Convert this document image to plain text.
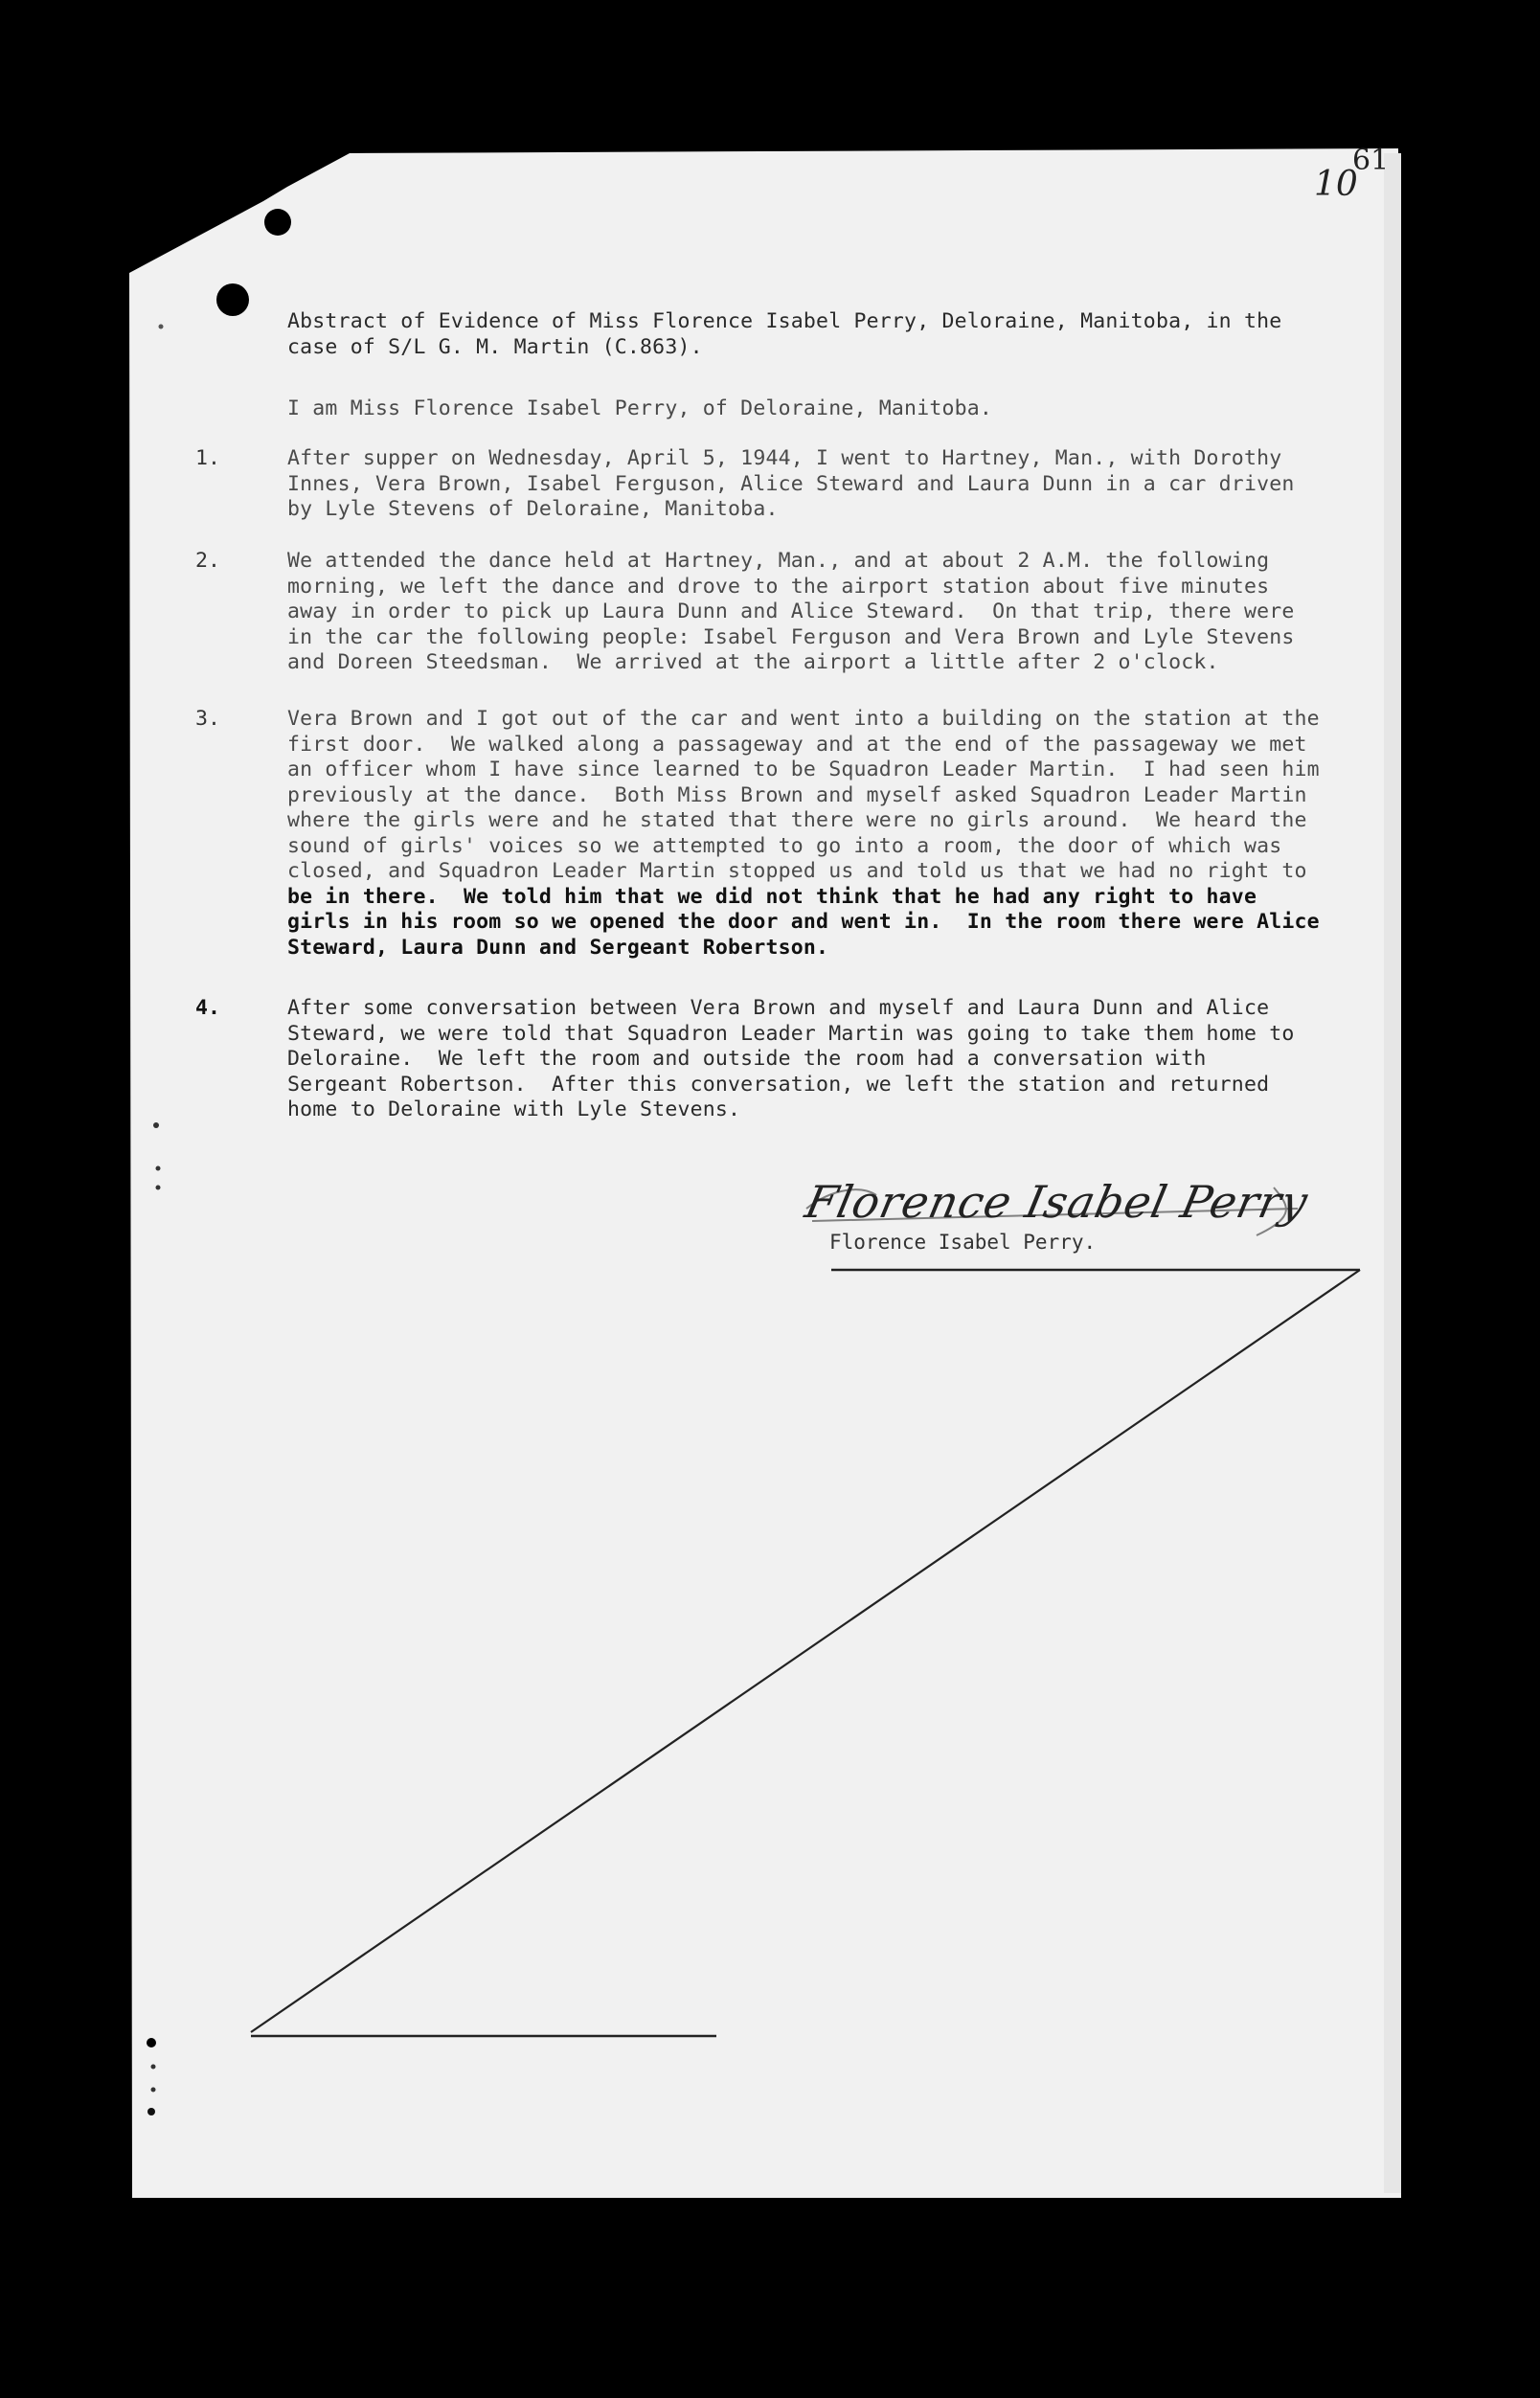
10
61
Abstract of Evidence of Miss Florence Isabel Perry, Deloraine, Manitoba, in the
case of S/L G. M. Martin (C.863).
I am Miss Florence Isabel Perry, of Deloraine, Manitoba.
1.	After supper on Wednesday, April 5, 1944, I went to Hartney, Man., with Dorothy
Innes, Vera Brown, Isabel Ferguson, Alice Steward and Laura Dunn in a car driven
by Lyle Stevens of Deloraine, Manitoba.
2.	We attended the dance held at Hartney, Man., and at about 2 A.M. the following
morning, we left the dance and drove to the airport station about five minutes
away in order to pick up Laura Dunn and Alice Steward.  On that trip, there were
in the car the following people: Isabel Ferguson and Vera Brown and Lyle Stevens
and Doreen Steedsman.  We arrived at the airport a little after 2 o'clock.
3.	Vera Brown and I got out of the car and went into a building on the station at the
first door.  We walked along a passageway and at the end of the passageway we met
an officer whom I have since learned to be Squadron Leader Martin.  I had seen him
previously at the dance.  Both Miss Brown and myself asked Squadron Leader Martin
where the girls were and he stated that there were no girls around.  We heard the
sound of girls' voices so we attempted to go into a room, the door of which was
closed, and Squadron Leader Martin stopped us and told us that we had no right to
be in there.  We told him that we did not think that he had any right to have
girls in his room so we opened the door and went in.  In the room there were Alice
Steward, Laura Dunn and Sergeant Robertson.
4.	After some conversation between Vera Brown and myself and Laura Dunn and Alice
Steward, we were told that Squadron Leader Martin was going to take them home to
Deloraine.  We left the room and outside the room had a conversation with
Sergeant Robertson.  After this conversation, we left the station and returned
home to Deloraine with Lyle Stevens.
Florence Isabel Perry
Florence Isabel Perry.
